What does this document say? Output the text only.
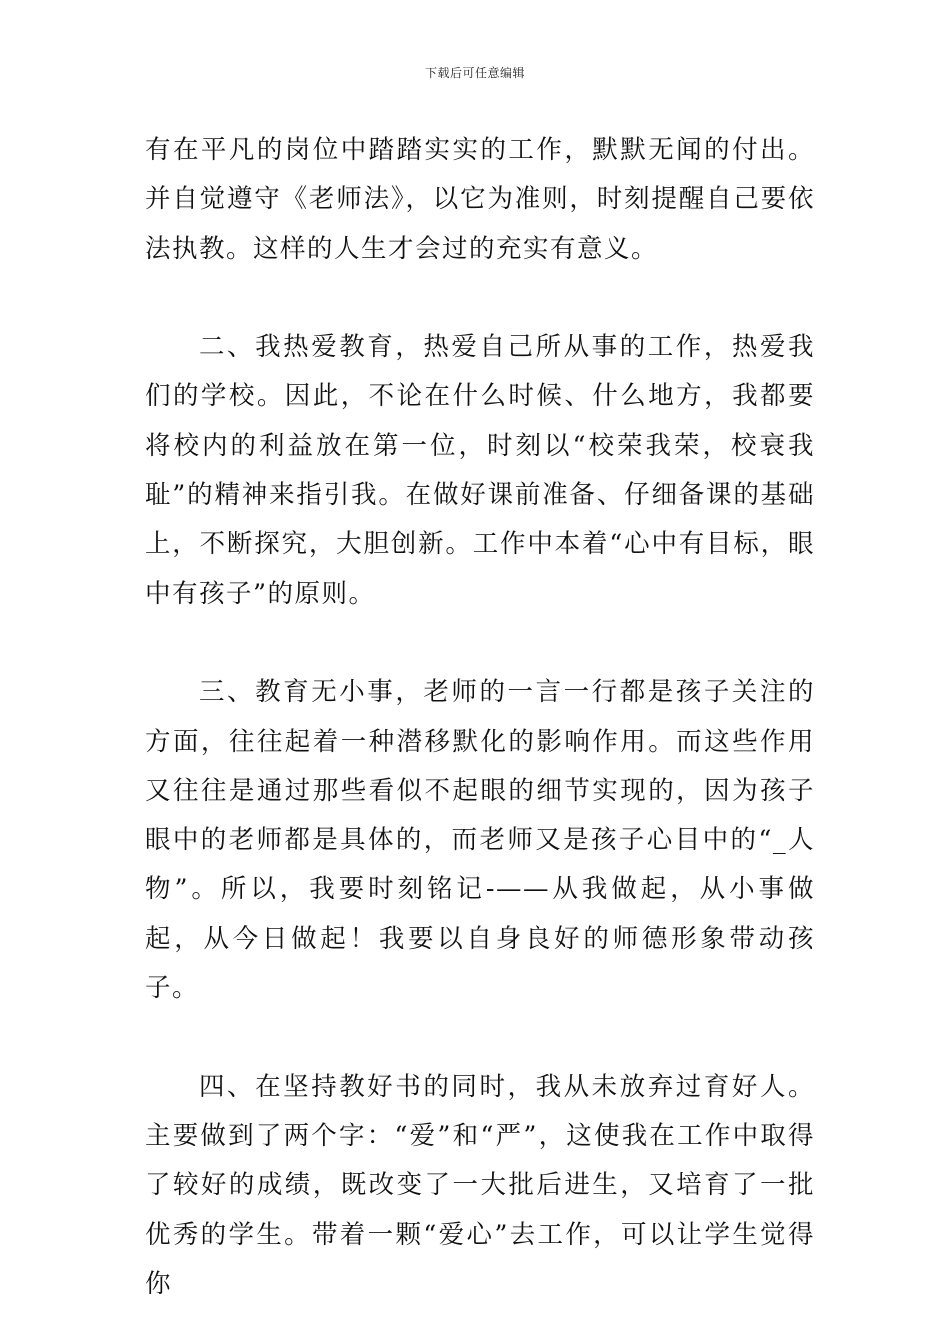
下载后可任意编辑

有在平凡的岗位中踏踏实实的工作，默默无闻的付出。并自觉遵守《老师法》，以它为准则，时刻提醒自己要依法执教。这样的人生才会过的充实有意义。

二、我热爱教育，热爱自己所从事的工作，热爱我们的学校。因此，不论在什么时候、什么地方，我都要将校内的利益放在第一位，时刻以“校荣我荣，校衰我耻”的精神来指引我。在做好课前准备、仔细备课的基础上，不断探究，大胆创新。工作中本着“心中有目标，眼中有孩子”的原则。

三、教育无小事，老师的一言一行都是孩子关注的方面，往往起着一种潜移默化的影响作用。而这些作用又往往是通过那些看似不起眼的细节实现的，因为孩子眼中的老师都是具体的，而老师又是孩子心目中的“_人物”。所以，我要时刻铭记-——从我做起，从小事做起，从今日做起！我要以自身良好的师德形象带动孩子。

四、在坚持教好书的同时，我从未放弃过育好人。主要做到了两个字：“爱”和“严”，这使我在工作中取得了较好的成绩，既改变了一大批后进生，又培育了一批优秀的学生。带着一颗“爱心”去工作，可以让学生觉得你
